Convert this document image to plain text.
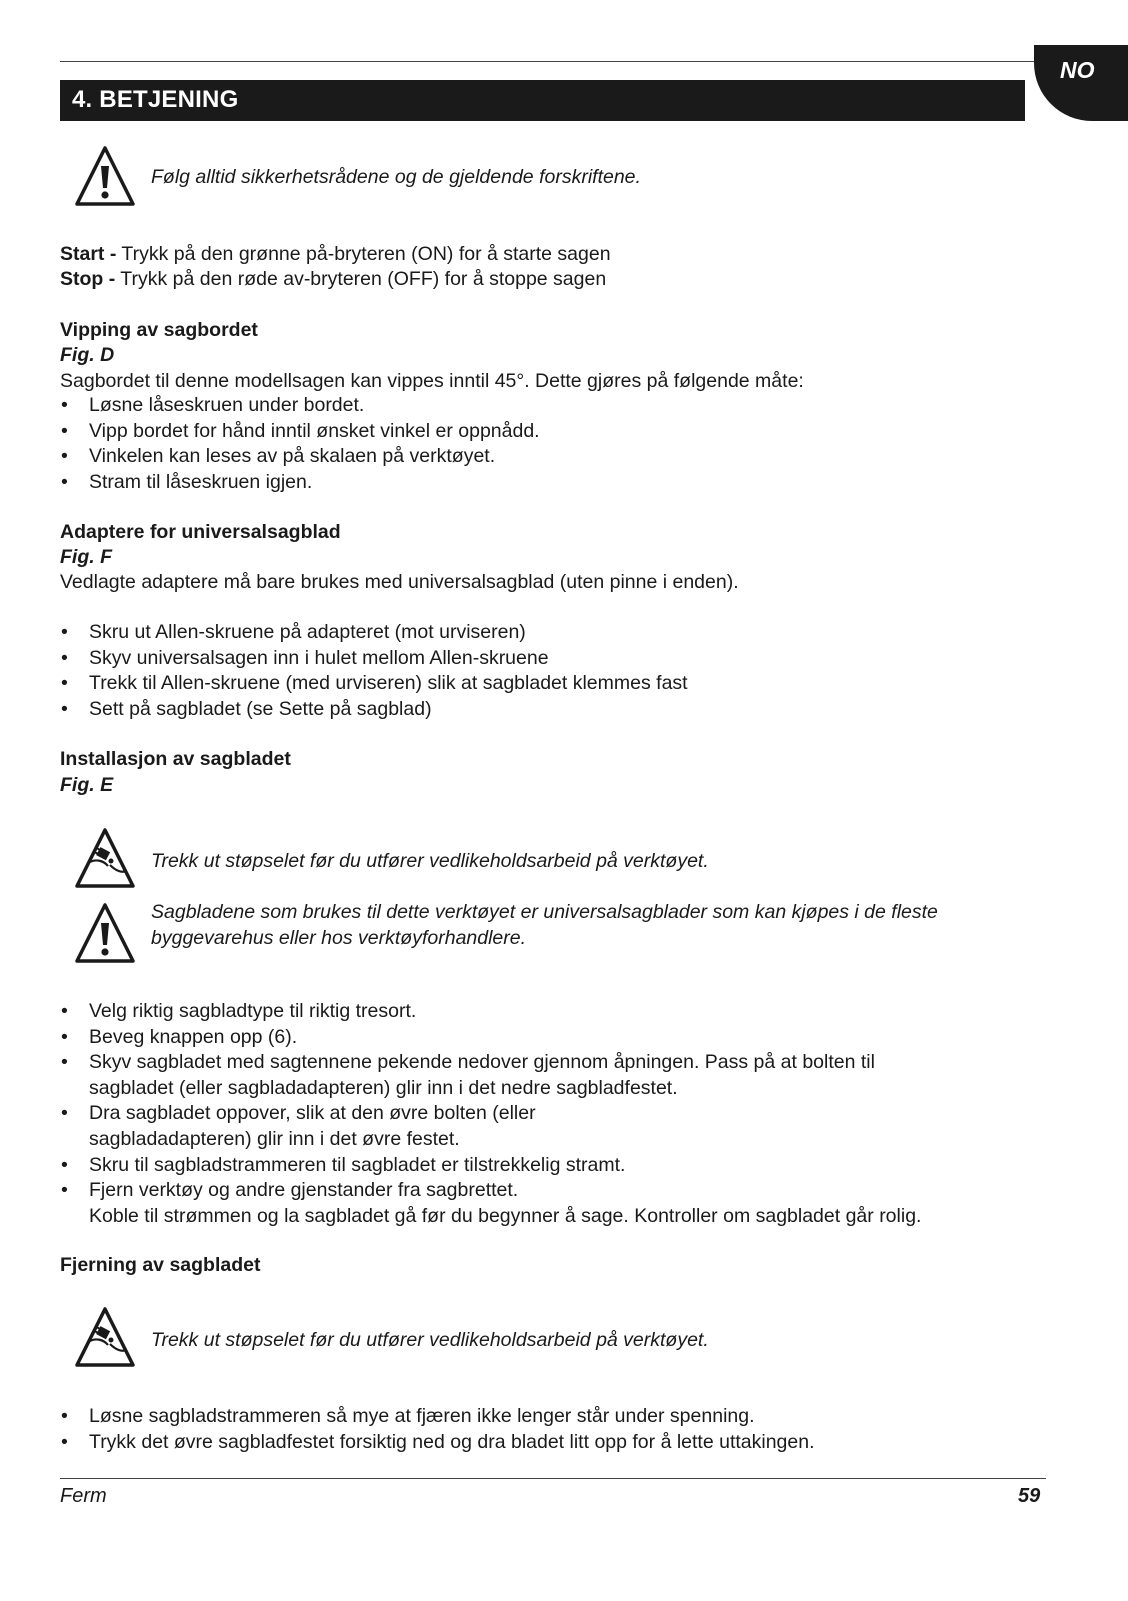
NO
4. BETJENING
Følg alltid sikkerhetsrådene og de gjeldende forskriftene.

Start - Trykk på den grønne på-bryteren (ON) for å starte sagen

Stop - Trykk på den røde av-bryteren (OFF) for å stoppe sagen

Vipping av sagbordet

Fig. D

Sagbordet til denne modellsagen kan vippes inntil 45°. Dette gjøres på følgende måte:

• Løsne låseskruen under bordet.
• Vipp bordet for hånd inntil ønsket vinkel er oppnådd.
• Vinkelen kan leses av på skalaen på verktøyet.
• Stram til låseskruen igjen.

Adaptere for universalsagblad

Fig. F

Vedlagte adaptere må bare brukes med universalsagblad (uten pinne i enden).

• Skru ut Allen-skruene på adapteret (mot urviseren)
• Skyv universalsagen inn i hulet mellom Allen-skruene
• Trekk til Allen-skruene (med urviseren) slik at sagbladet klemmes fast
• Sett på sagbladet (se Sette på sagblad)

Installasjon av sagbladet

Fig. E

Trekk ut støpselet før du utfører vedlikeholdsarbeid på verktøyet.
Sagbladene som brukes til dette verktøyet er universalsagblader som kan kjøpes i de fleste
byggevarehus eller hos verktøyforhandlere.
• Velg riktig sagbladtype til riktig tresort.
• Beveg knappen opp (6).
• Skyv sagbladet med sagtennene pekende nedover gjennom åpningen. Pass på at bolten til
sagbladet (eller sagbladadapteren) glir inn i det nedre sagbladfestet.
• Dra sagbladet oppover, slik at den øvre bolten (eller
sagbladadapteren) glir inn i det øvre festet.
• Skru til sagbladstrammeren til sagbladet er tilstrekkelig stramt.
• Fjern verktøy og andre gjenstander fra sagbrettet.
Koble til strømmen og la sagbladet gå før du begynner å sage. Kontroller om sagbladet går rolig.

Fjerning av sagbladet

Trekk ut støpselet før du utfører vedlikeholdsarbeid på verktøyet.
• Løsne sagbladstrammeren så mye at fjæren ikke lenger står under spenning.
• Trykk det øvre sagbladfestet forsiktig ned og dra bladet litt opp for å lette uttakingen.
Ferm	59
